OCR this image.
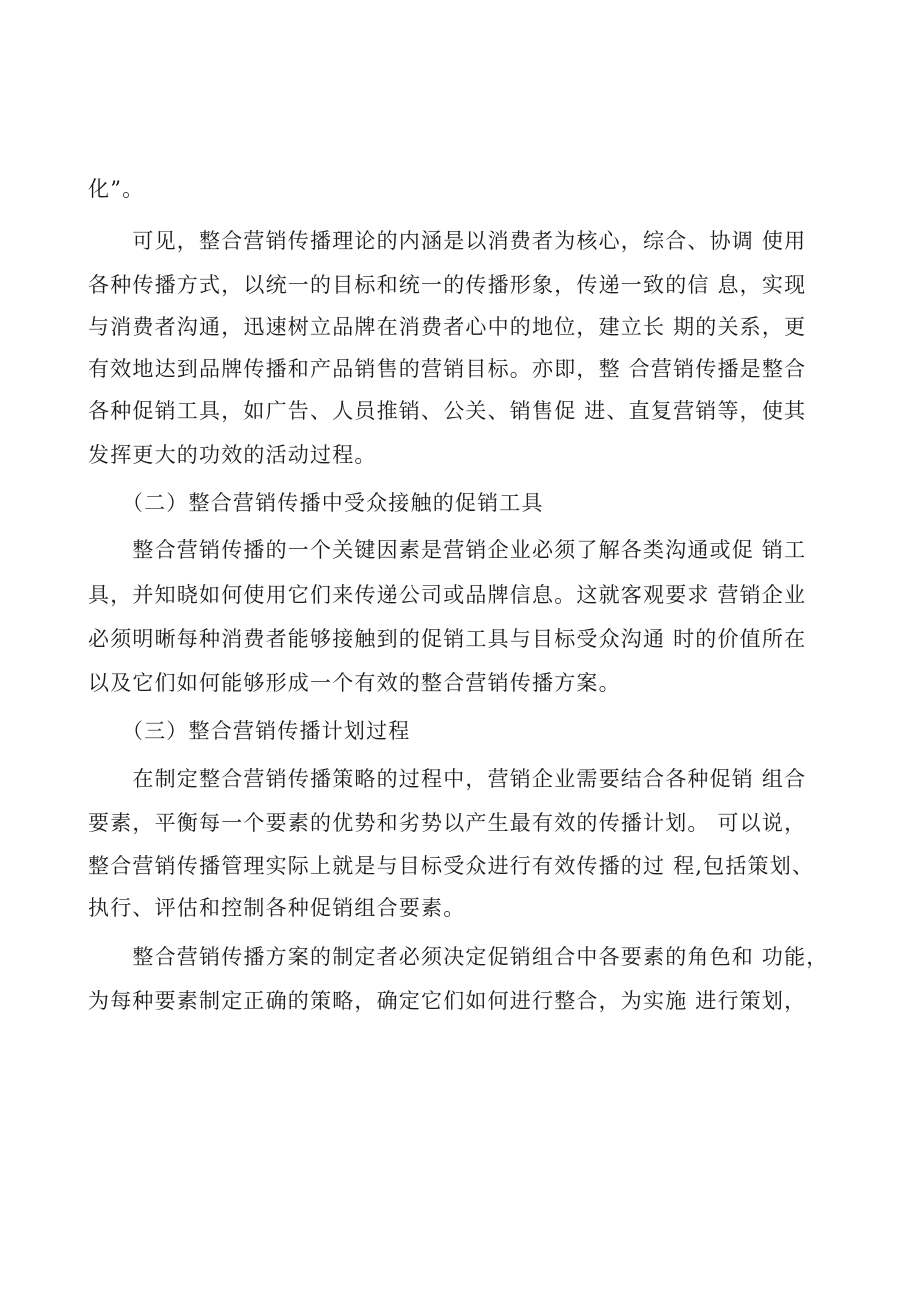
化”。
　　可见，整合营销传播理论的内涵是以消费者为核心，综合、协调 使用
各种传播方式，以统一的目标和统一的传播形象，传递一致的信 息，实现
与消费者沟通，迅速树立品牌在消费者心中的地位，建立长 期的关系，更
有效地达到品牌传播和产品销售的营销目标。亦即，整 合营销传播是整合
各种促销工具，如广告、人员推销、公关、销售促 进、直复营销等，使其
发挥更大的功效的活动过程。
　　（二）整合营销传播中受众接触的促销工具
　　整合营销传播的一个关键因素是营销企业必须了解各类沟通或促 销工
具，并知晓如何使用它们来传递公司或品牌信息。这就客观要求 营销企业
必须明晰每种消费者能够接触到的促销工具与目标受众沟通 时的价值所在
以及它们如何能够形成一个有效的整合营销传播方案。
　　（三）整合营销传播计划过程
　　在制定整合营销传播策略的过程中，营销企业需要结合各种促销 组合
要素，平衡每一个要素的优势和劣势以产生最有效的传播计划。 可以说，
整合营销传播管理实际上就是与目标受众进行有效传播的过 程,包括策划、
执行、评估和控制各种促销组合要素。
　　整合营销传播方案的制定者必须决定促销组合中各要素的角色和 功能，
为每种要素制定正确的策略，确定它们如何进行整合，为实施 进行策划，
